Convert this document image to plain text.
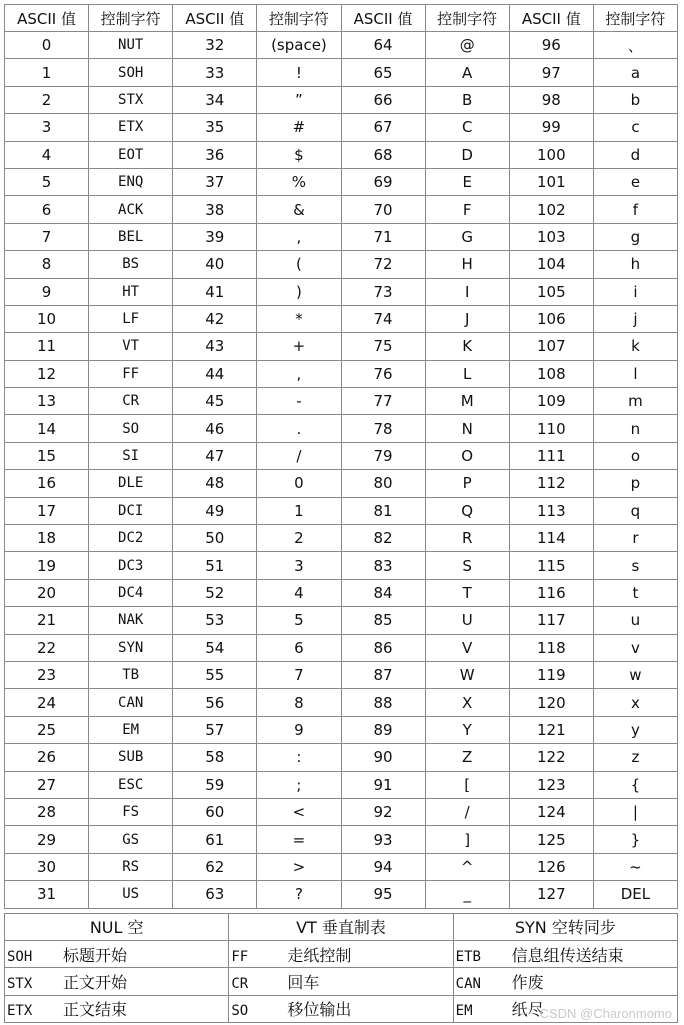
ASCII 值	控制字符	ASCII 值	控制字符	ASCII 值	控制字符	ASCII 值	控制字符
0	NUT	32	(space)	64	@	96	、
1	SOH	33	!	65	A	97	a
2	STX	34	”	66	B	98	b
3	ETX	35	#	67	C	99	c
4	EOT	36	$	68	D	100	d
5	ENQ	37	%	69	E	101	e
6	ACK	38	&	70	F	102	f
7	BEL	39	,	71	G	103	g
8	BS	40	(	72	H	104	h
9	HT	41	)	73	I	105	i
10	LF	42	*	74	J	106	j
11	VT	43	+	75	K	107	k
12	FF	44	,	76	L	108	l
13	CR	45	-	77	M	109	m
14	SO	46	.	78	N	110	n
15	SI	47	/	79	O	111	o
16	DLE	48	0	80	P	112	p
17	DCI	49	1	81	Q	113	q
18	DC2	50	2	82	R	114	r
19	DC3	51	3	83	S	115	s
20	DC4	52	4	84	T	116	t
21	NAK	53	5	85	U	117	u
22	SYN	54	6	86	V	118	v
23	TB	55	7	87	W	119	w
24	CAN	56	8	88	X	120	x
25	EM	57	9	89	Y	121	y
26	SUB	58	:	90	Z	122	z
27	ESC	59	;	91	[	123	{
28	FS	60	<	92	/	124	|
29	GS	61	=	93	]	125	}
30	RS	62	>	94	^	126	~
31	US	63	?	95	_	127	DEL
NUL 空	VT 垂直制表	SYN 空转同步
SOH 标题开始	FF 走纸控制	ETB 信息组传送结束
STX 正文开始	CR 回车	CAN 作废
ETX 正文结束	SO 移位输出	EM 纸尽
CSDN @Charonmomo
